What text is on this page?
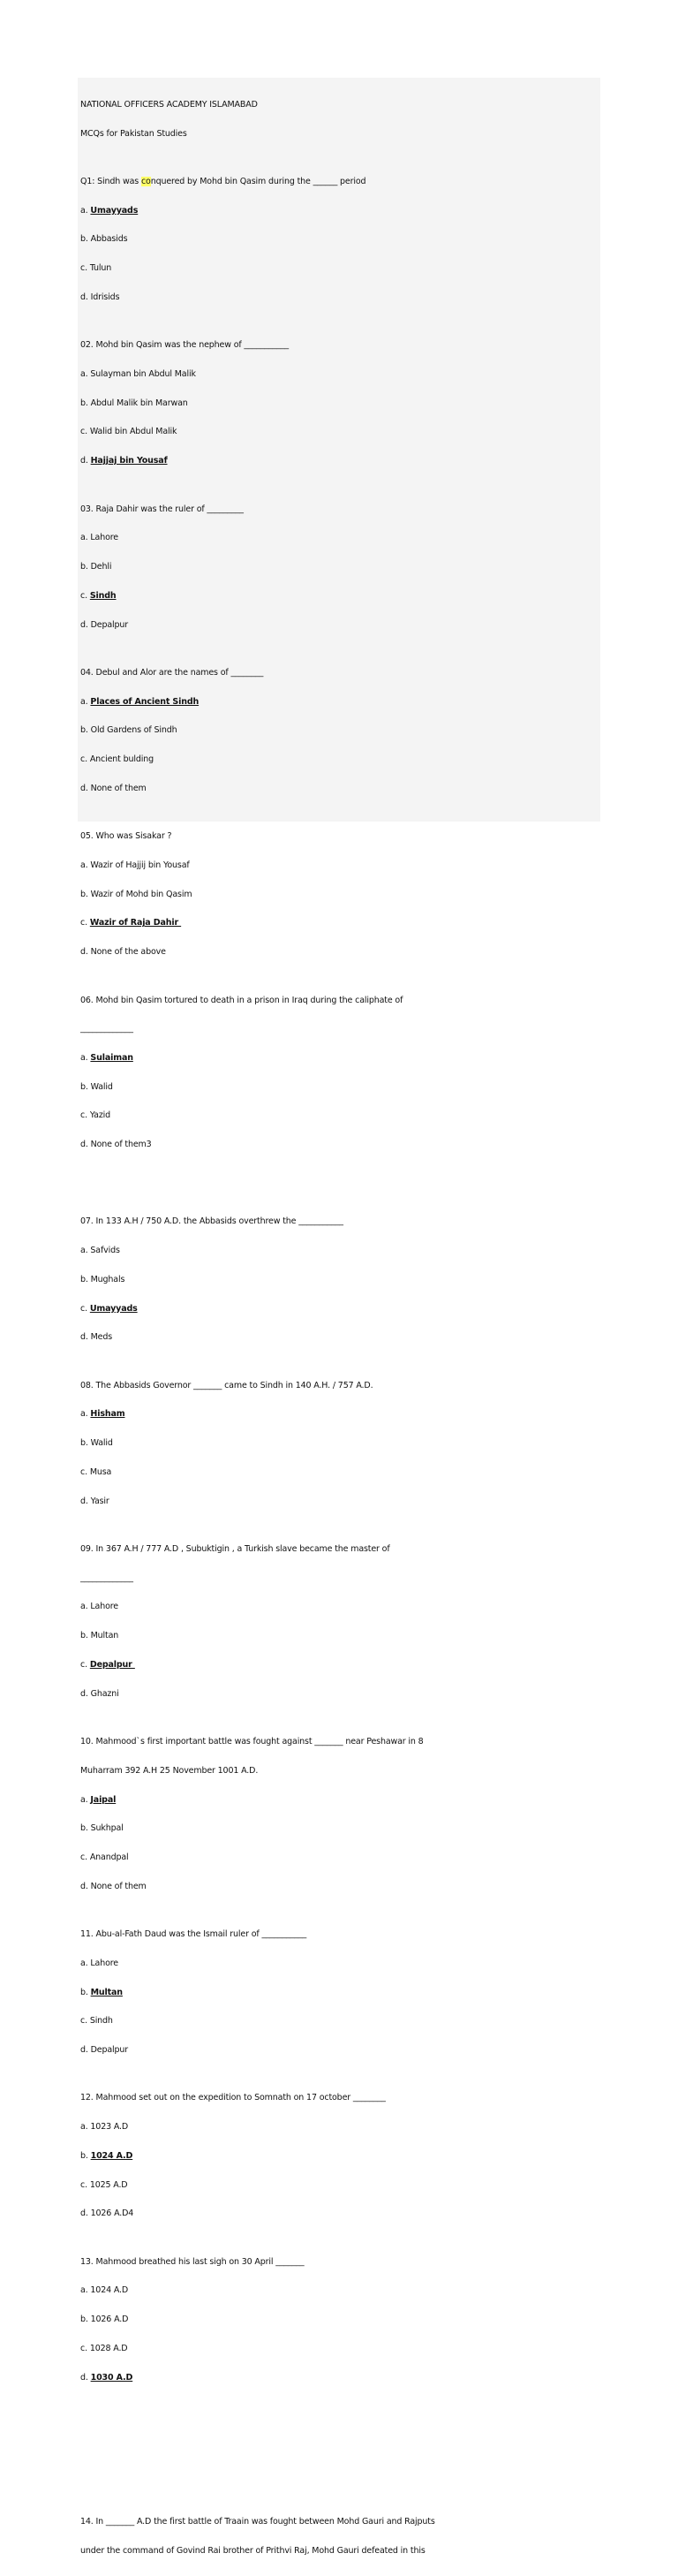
NATIONAL OFFICERS ACADEMY ISLAMABAD

MCQs for Pakistan Studies

Q1: Sindh was conquered by Mohd bin Qasim during the ______ period

a. Umayyads

b. Abbasids

c. Tulun

d. Idrisids

02. Mohd bin Qasim was the nephew of ___________

a. Sulayman bin Abdul Malik

b. Abdul Malik bin Marwan

c. Walid bin Abdul Malik

d. Hajjaj bin Yousaf

03. Raja Dahir was the ruler of _________

a. Lahore

b. Dehli

c. Sindh

d. Depalpur

04. Debul and Alor are the names of ________

a. Places of Ancient Sindh

b. Old Gardens of Sindh

c. Ancient bulding

d. None of them

05. Who was Sisakar ?

a. Wazir of Hajjij bin Yousaf

b. Wazir of Mohd bin Qasim

c. Wazir of Raja Dahir

d. None of the above

06. Mohd bin Qasim tortured to death in a prison in Iraq during the caliphate of

_____________

a. Sulaiman

b. Walid

c. Yazid

d. None of them3

07. In 133 A.H / 750 A.D. the Abbasids overthrew the ___________

a. Safvids

b. Mughals

c. Umayyads

d. Meds

08. The Abbasids Governor _______ came to Sindh in 140 A.H. / 757 A.D.

a. Hisham

b. Walid

c. Musa

d. Yasir

09. In 367 A.H / 777 A.D , Subuktigin , a Turkish slave became the master of

_____________

a. Lahore

b. Multan

c. Depalpur

d. Ghazni

10. Mahmood`s first important battle was fought against _______ near Peshawar in 8

Muharram 392 A.H 25 November 1001 A.D.

a. Jaipal

b. Sukhpal

c. Anandpal

d. None of them

11. Abu-al-Fath Daud was the Ismail ruler of ___________

a. Lahore

b. Multan

c. Sindh

d. Depalpur

12. Mahmood set out on the expedition to Somnath on 17 october ________

a. 1023 A.D

b. 1024 A.D

c. 1025 A.D

d. 1026 A.D4

13. Mahmood breathed his last sigh on 30 April _______

a. 1024 A.D

b. 1026 A.D

c. 1028 A.D

d. 1030 A.D

14. In _______ A.D the first battle of Traain was fought between Mohd Gauri and Rajputs

under the command of Govind Rai brother of Prithvi Raj, Mohd Gauri defeated in this
